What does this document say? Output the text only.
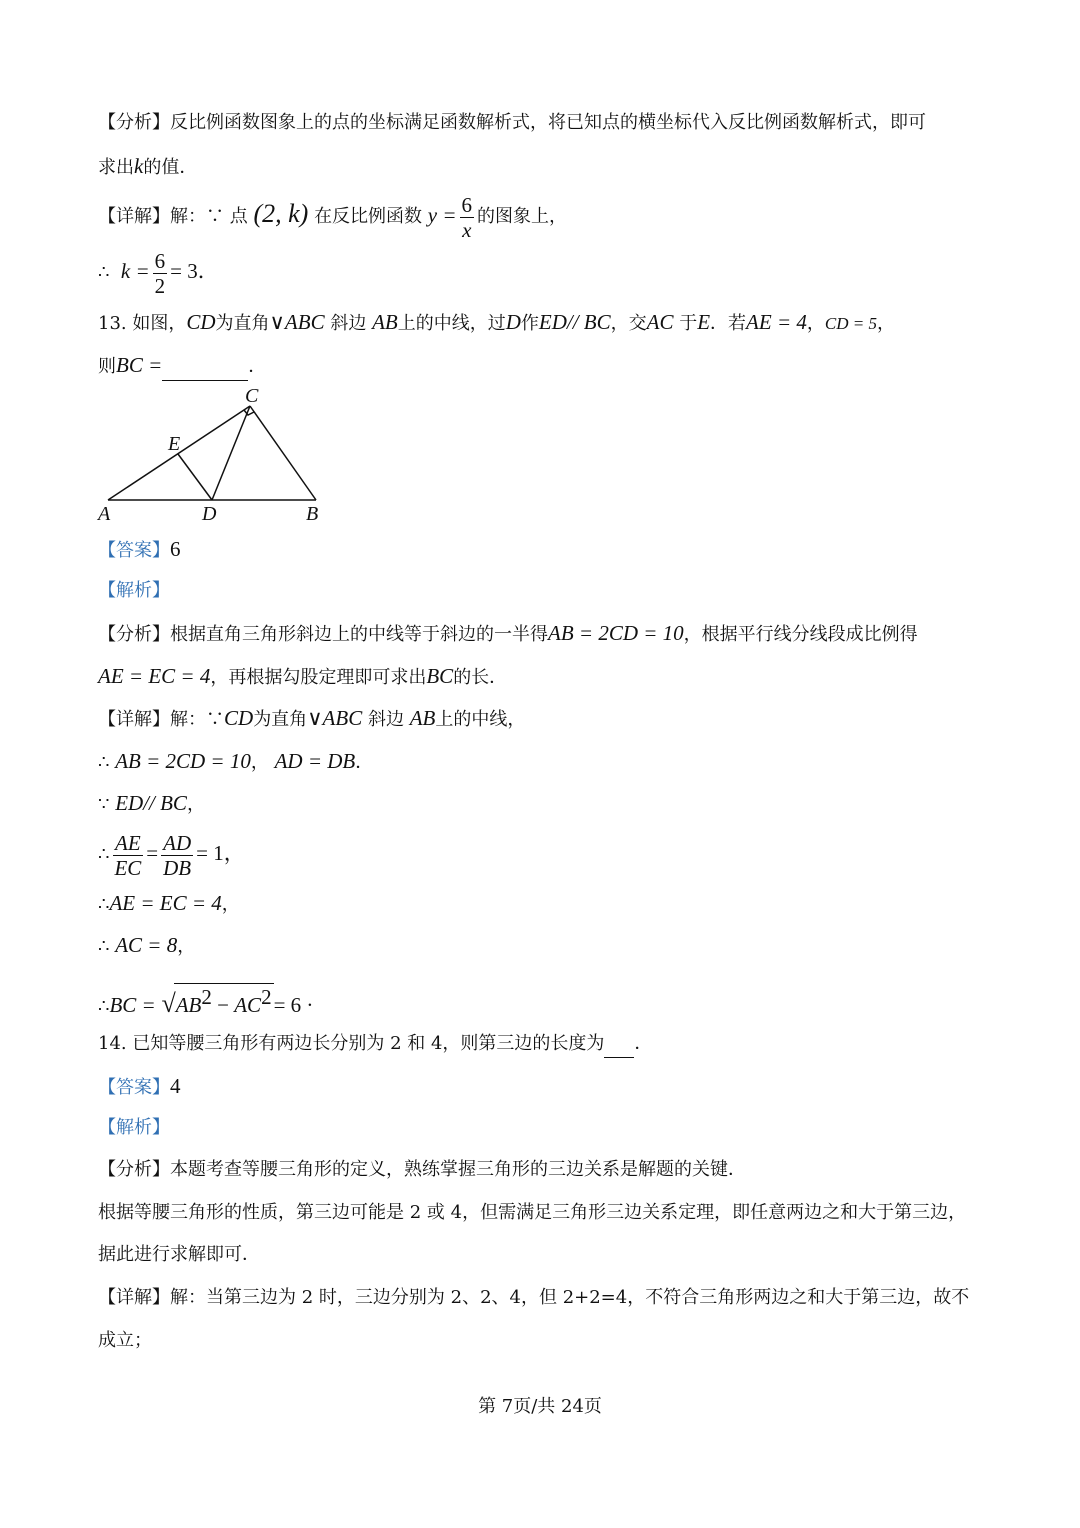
【分析】反比例函数图象上的点的坐标满足函数解析式，将已知点的横坐标代入反比例函数解析式，即可
求出k的值．
【详解】解：∵ 点 (2, k) 在反比例函数 $y = \frac{6}{x}$ 的图象上，
∴ $k = \frac{6}{2} = 3$．
13. 如图，CD为直角∨ABC 斜边 AB上的中线，过D作ED// BC，交AC 于E．若AE = 4，CD = 5，
则BC =	．
A	D	B
C
E
【答案】6
【解析】
【分析】根据直角三角形斜边上的中线等于斜边的一半得AB = 2CD = 10，根据平行线分线段成比例得
AE = EC = 4，再根据勾股定理即可求出BC的长．
【详解】解：∵CD为直角∨ABC 斜边 AB上的中线，
∴ AB = 2CD = 10， AD = DB．
∵ ED// BC，
∴ $\frac{AE}{EC} = \frac{AD}{DB} = 1$，
∴AE = EC = 4，
∴ AC = 8，
∴BC = $√AB^2 - AC^2= 6$ ·
14. 已知等腰三角形有两边长分别为 2 和 4，则第三边的长度为 ．
【答案】4
【解析】
【分析】本题考查等腰三角形的定义，熟练掌握三角形的三边关系是解题的关键．
根据等腰三角形的性质，第三边可能是 2 或 4，但需满足三角形三边关系定理，即任意两边之和大于第三边，
据此进行求解即可．
【详解】解：当第三边为 2 时，三边分别为 2、2、4，但 2+2=4，不符合三角形两边之和大于第三边，故不
成立；
第 7页/共 24页
